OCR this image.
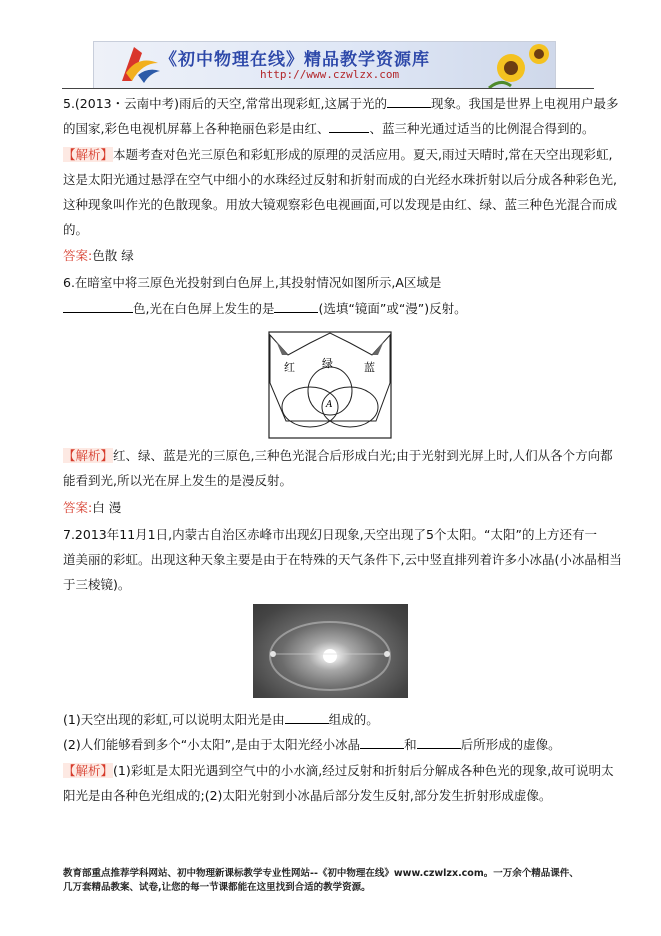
《初中物理在线》精品教学资源库
http://www.czwlzx.com
5.(2013・云南中考)雨后的天空,常常出现彩虹,这属于光的	现象。我国是世界上电视用户最多
的国家,彩色电视机屏幕上各种艳丽色彩是由红、	、蓝三种光通过适当的比例混合得到的。
【解析】本题考查对色光三原色和彩虹形成的原理的灵活应用。夏天,雨过天晴时,常在天空出现彩虹,
这是太阳光通过悬浮在空气中细小的水珠经过反射和折射而成的白光经水珠折射以后分成各种彩色光,
这种现象叫作光的色散现象。用放大镜观察彩色电视画面,可以发现是由红、绿、蓝三种色光混合而成
的。
答案:色散 绿
6.在暗室中将三原色光投射到白色屏上,其投射情况如图所示,A区域是
色,光在白色屏上发生的是	(选填“镜面”或“漫”)反射。
红 绿	蓝
A
【解析】红、绿、蓝是光的三原色,三种色光混合后形成白光;由于光射到光屏上时,人们从各个方向都
能看到光,所以光在屏上发生的是漫反射。
答案:白 漫
7.2013年11月1日,内蒙古自治区赤峰市出现幻日现象,天空出现了5个太阳。“太阳”的上方还有一
道美丽的彩虹。出现这种天象主要是由于在特殊的天气条件下,云中竖直排列着许多小冰晶(小冰晶相当
于三棱镜)。
(1)天空出现的彩虹,可以说明太阳光是由	组成的。
(2)人们能够看到多个“小太阳”,是由于太阳光经小冰晶	和	后所形成的虚像。
【解析】(1)彩虹是太阳光遇到空气中的小水滴,经过反射和折射后分解成各种色光的现象,故可说明太
阳光是由各种色光组成的;(2)太阳光射到小冰晶后部分发生反射,部分发生折射形成虚像。
教育部重点推荐学科网站、初中物理新课标教学专业性网站--《初中物理在线》www.czwlzx.com。一万余个精品课件、
几万套精品教案、试卷,让您的每一节课都能在这里找到合适的教学资源。
